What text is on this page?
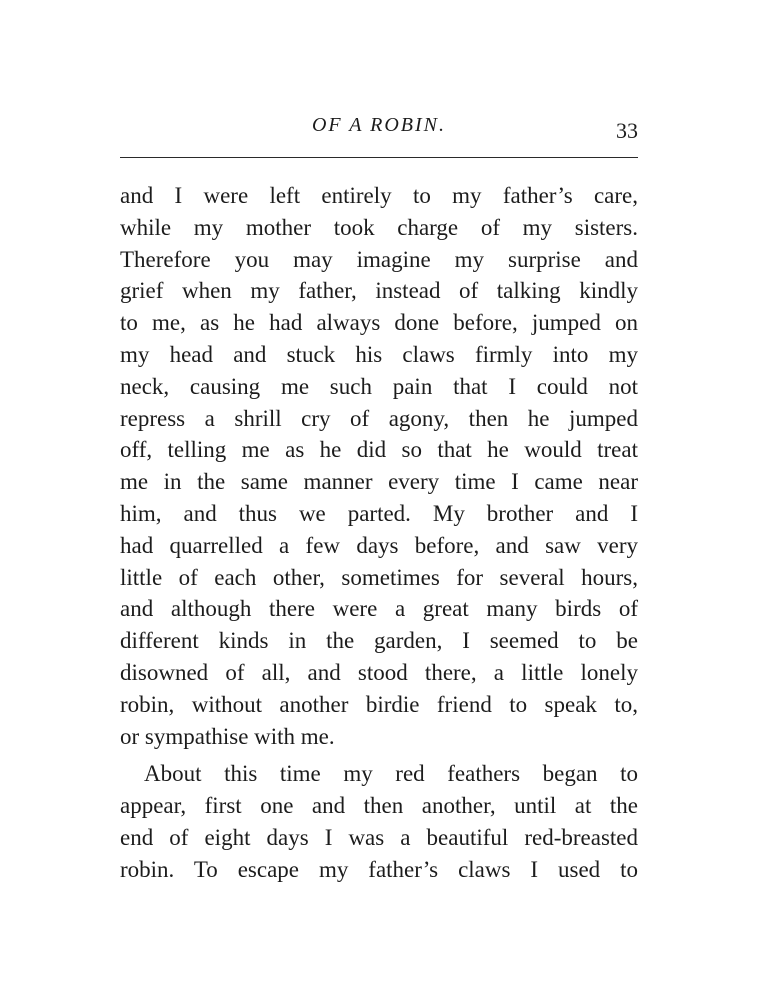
OF A ROBIN.	33
and I were left entirely to my father’s care,
while my mother took charge of my sisters.
Therefore you may imagine my surprise and
grief when my father, instead of talking kindly
to me, as he had always done before, jumped on
my head and stuck his claws firmly into my
neck, causing me such pain that I could not
repress a shrill cry of agony, then he jumped
off, telling me as he did so that he would treat
me in the same manner every time I came near
him, and thus we parted. My brother and I
had quarrelled a few days before, and saw very
little of each other, sometimes for several hours,
and although there were a great many birds of
different kinds in the garden, I seemed to be
disowned of all, and stood there, a little lonely
robin, without another birdie friend to speak to,
or sympathise with me.
About this time my red feathers began to
appear, first one and then another, until at the
end of eight days I was a beautiful red-breasted
robin. To escape my father’s claws I used to
